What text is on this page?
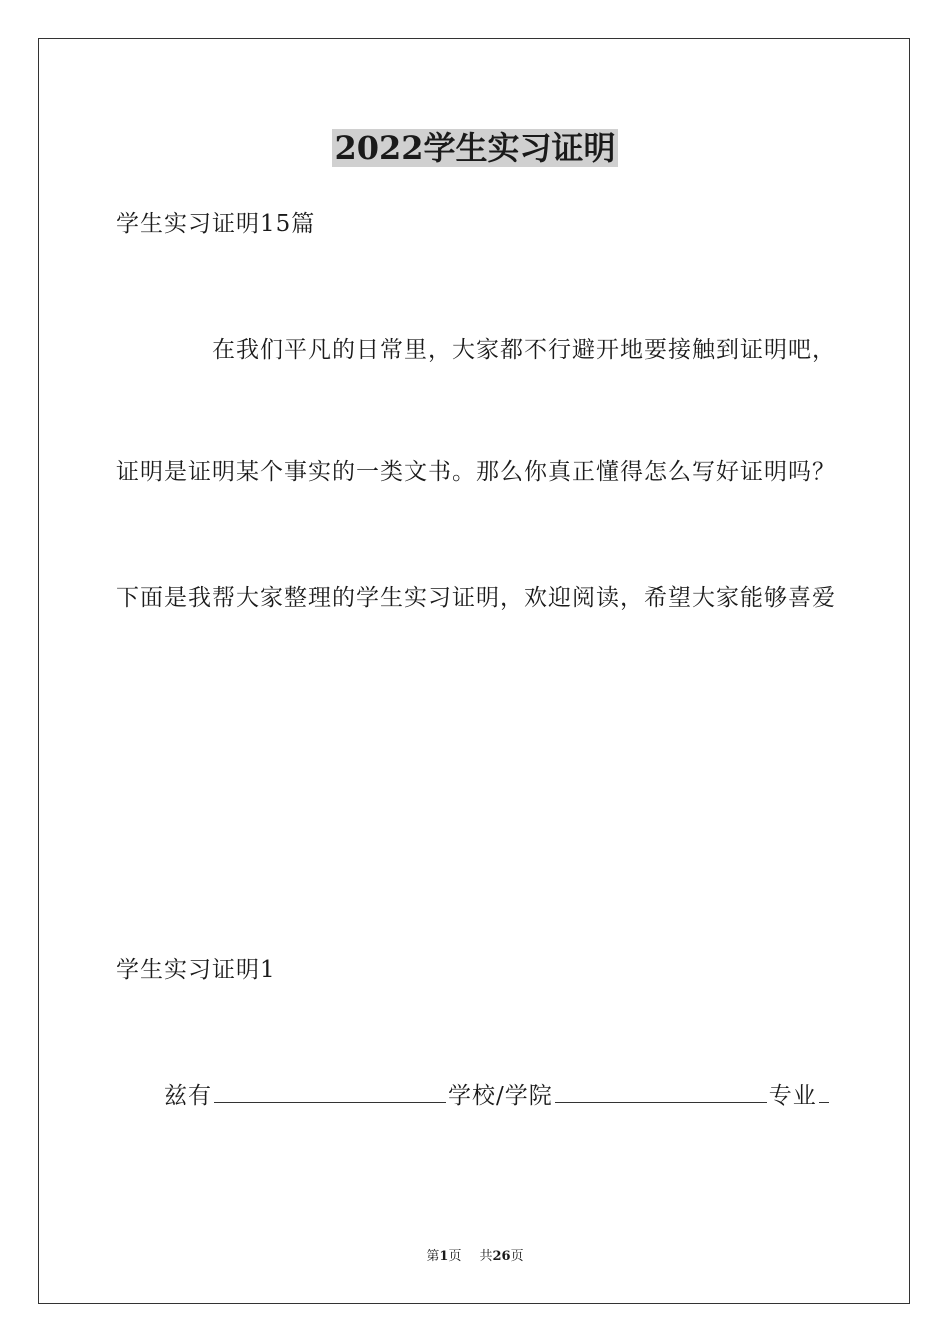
2022学生实习证明
学生实习证明15篇
在我们平凡的日常里，大家都不行避开地要接触到证明吧，
证明是证明某个事实的一类文书。那么你真正懂得怎么写好证明吗？
下面是我帮大家整理的学生实习证明，欢迎阅读，希望大家能够喜爱
学生实习证明1
兹有	学校/学院	专业
第1页 共26页
